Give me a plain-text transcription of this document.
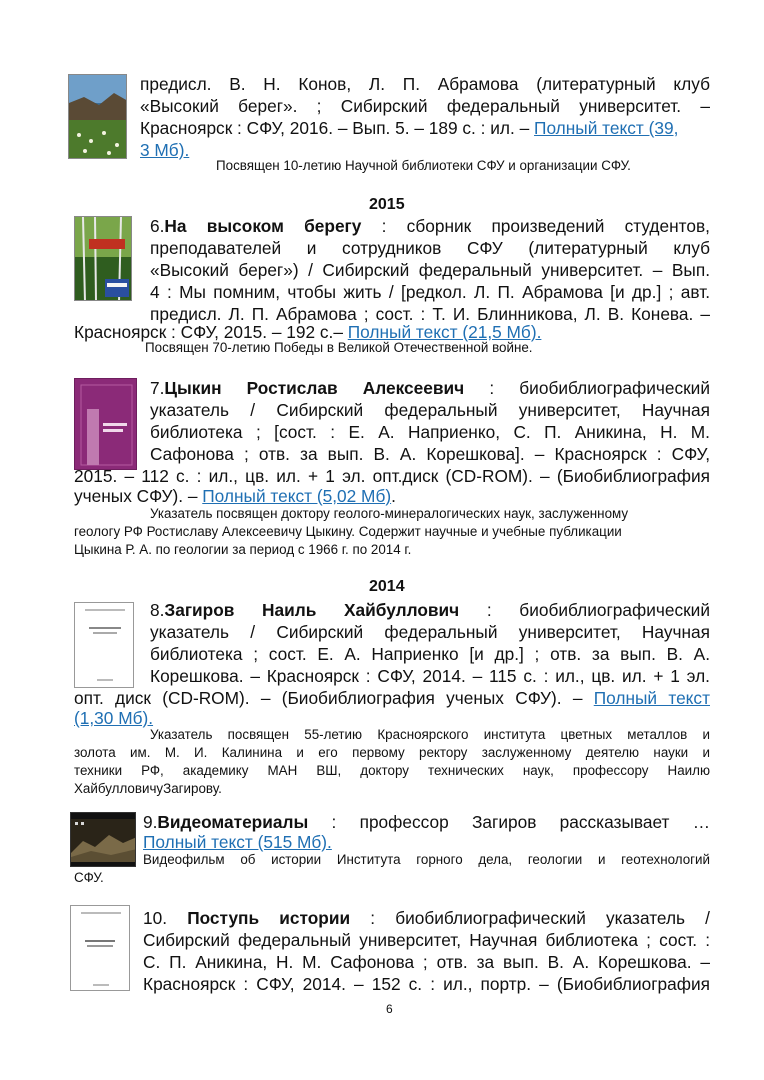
предисл. В. Н. Конов, Л. П. Абрамова (литературный клуб
«Высокий берег». ; Сибирский федеральный университет. –
Красноярск : СФУ, 2016. – Вып. 5. – 189 с. : ил. – Полный текст (39,
3 Мб).
Посвящен 10-летию Научной библиотеки СФУ и организации СФУ.
2015
6.На высоком берегу : сборник произведений студентов,
преподавателей и сотрудников СФУ (литературный клуб
«Высокий берег») / Сибирский федеральный университет. – Вып.
4 : Мы помним, чтобы жить / [редкол. Л. П. Абрамова [и др.] ; авт.
предисл. Л. П. Абрамова ; сост. : Т. И. Блинникова, Л. В. Конева. –
Красноярск : СФУ, 2015. – 192 с.– Полный текст (21,5 Мб).
Посвящен 70-летию Победы в Великой Отечественной войне.
7.Цыкин Ростислав Алексеевич : биобиблиографический
указатель / Сибирский федеральный университет, Научная
библиотека ; [сост. : Е. А. Наприенко, С. П. Аникина, Н. М.
Сафонова ; отв. за вып. В. А. Корешкова]. – Красноярск : СФУ,
2015. – 112 с. : ил., цв. ил. + 1 эл. опт.диск (CD-ROM). – (Биобиблиография
ученых СФУ). – Полный текст (5,02 Мб).
Указатель посвящен доктору геолого-минералогических наук, заслуженному
геологу РФ Ростиславу Алексеевичу Цыкину. Содержит научные и учебные публикации
Цыкина Р. А. по геологии за период с 1966 г. по 2014 г.
2014
8.Загиров Наиль Хайбуллович : биобиблиографический
указатель / Сибирский федеральный университет, Научная
библиотека ; сост. Е. А. Наприенко [и др.] ; отв. за вып. В. А.
Корешкова. – Красноярск : СФУ, 2014. – 115 с. : ил., цв. ил. + 1 эл.
опт. диск (CD-ROM). – (Биобиблиография ученых СФУ). – Полный текст
(1,30 Мб).
Указатель посвящен 55-летию Красноярского института цветных металлов и
золота им. М. И. Калинина и его первому ректору заслуженному деятелю науки и
техники РФ, академику МАН ВШ, доктору технических наук, профессору Наилю
ХайбулловичуЗагирову.
9.Видеоматериалы : профессор Загиров рассказывает …
Полный текст (515 Мб).
Видеофильм об истории Института горного дела, геологии и геотехнологий
СФУ.
10. Поступь истории : биобиблиографический указатель /
Сибирский федеральный университет, Научная библиотека ; сост. :
С. П. Аникина, Н. М. Сафонова ; отв. за вып. В. А. Корешкова. –
Красноярск : СФУ, 2014. – 152 с. : ил., портр. – (Биобиблиография
6
